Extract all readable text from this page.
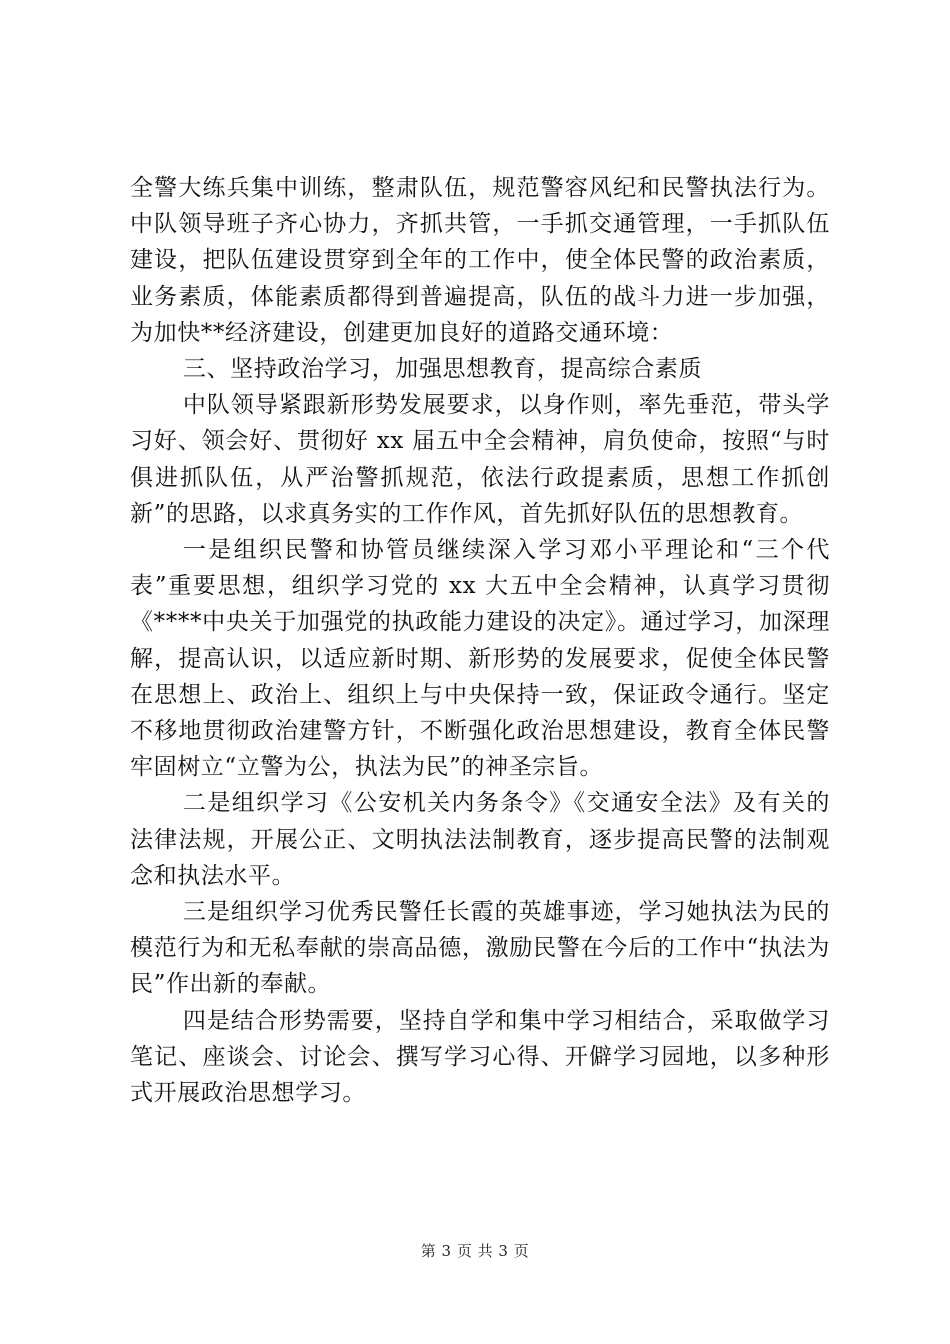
全警大练兵集中训练，整肃队伍，规范警容风纪和民警执法行为。中队领导班子齐心协力，齐抓共管，一手抓交通管理，一手抓队伍建设，把队伍建设贯穿到全年的工作中，使全体民警的政治素质，业务素质，体能素质都得到普遍提高，队伍的战斗力进一步加强，为加快**经济建设，创建更加良好的道路交通环境：

三、坚持政治学习，加强思想教育，提高综合素质

中队领导紧跟新形势发展要求，以身作则，率先垂范，带头学习好、领会好、贯彻好 xx 届五中全会精神，肩负使命，按照“与时俱进抓队伍，从严治警抓规范，依法行政提素质，思想工作抓创新”的思路，以求真务实的工作作风，首先抓好队伍的思想教育。

一是组织民警和协管员继续深入学习邓小平理论和“三个代表”重要思想，组织学习党的 xx 大五中全会精神，认真学习贯彻《****中央关于加强党的执政能力建设的决定》。通过学习，加深理解，提高认识，以适应新时期、新形势的发展要求，促使全体民警在思想上、政治上、组织上与中央保持一致，保证政令通行。坚定不移地贯彻政治建警方针，不断强化政治思想建设，教育全体民警牢固树立“立警为公，执法为民”的神圣宗旨。

二是组织学习《公安机关内务条令》《交通安全法》及有关的法律法规，开展公正、文明执法法制教育，逐步提高民警的法制观念和执法水平。

三是组织学习优秀民警任长霞的英雄事迹，学习她执法为民的模范行为和无私奉献的崇高品德，激励民警在今后的工作中“执法为民”作出新的奉献。

四是结合形势需要，坚持自学和集中学习相结合，采取做学习笔记、座谈会、讨论会、撰写学习心得、开僻学习园地，以多种形式开展政治思想学习。

第 3 页 共 3 页
